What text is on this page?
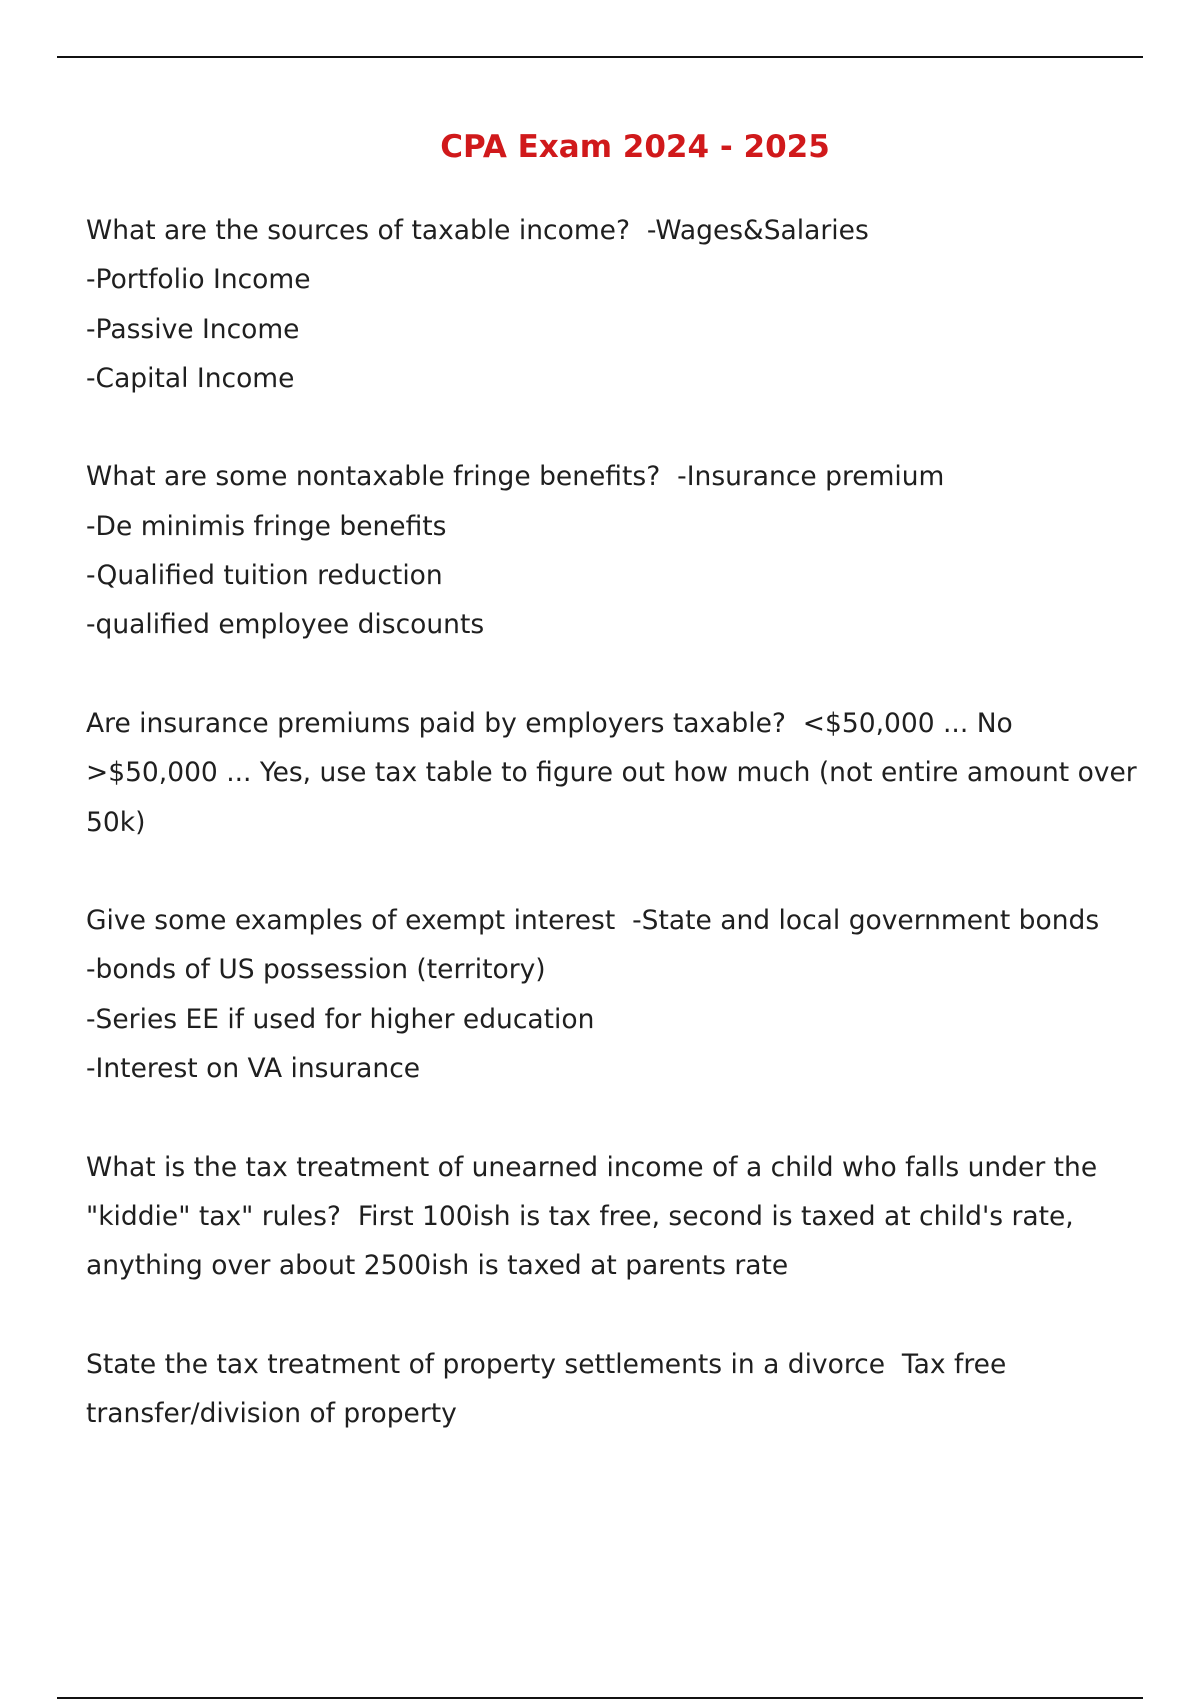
CPA Exam 2024 - 2025

What are the sources of taxable income? -Wages&Salaries
-Portfolio Income
-Passive Income
-Capital Income

What are some nontaxable fringe benefits? -Insurance premium
-De minimis fringe benefits
-Qualified tuition reduction
-qualified employee discounts

Are insurance premiums paid by employers taxable? <$50,000 ... No
>$50,000 ... Yes, use tax table to figure out how much (not entire amount over 50k)

Give some examples of exempt interest -State and local government bonds
-bonds of US possession (territory)
-Series EE if used for higher education
-Interest on VA insurance

What is the tax treatment of unearned income of a child who falls under the "kiddie" tax" rules? First 100ish is tax free, second is taxed at child's rate, anything over about 2500ish is taxed at parents rate

State the tax treatment of property settlements in a divorce Tax free transfer/division of property
